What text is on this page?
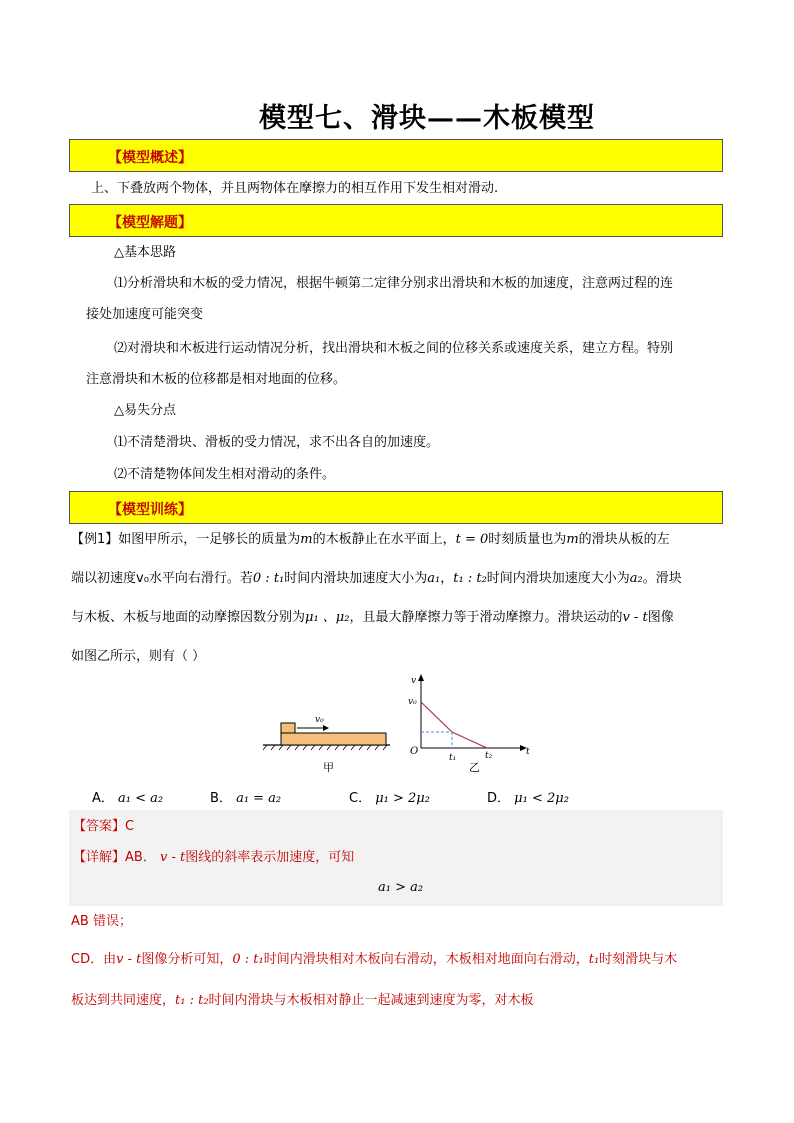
模型七、滑块——木板模型
【模型概述】
上、下叠放两个物体，并且两物体在摩擦力的相互作用下发生相对滑动.
【模型解题】
△基本思路
⑴分析滑块和木板的受力情况，根据牛顿第二定律分别求出滑块和木板的加速度，注意两过程的连
接处加速度可能突变
⑵对滑块和木板进行运动情况分析，找出滑块和木板之间的位移关系或速度关系，建立方程。特别
注意滑块和木板的位移都是相对地面的位移。
△易失分点
⑴不清楚滑块、滑板的受力情况，求不出各自的加速度。
⑵不清楚物体间发生相对滑动的条件。
【模型训练】
【例1】如图甲所示，一足够长的质量为m的木板静止在水平面上，t = 0时刻质量也为m的滑块从板的左
端以初速度v₀水平向右滑行。若0 : t₁时间内滑块加速度大小为a₁，t₁ : t₂时间内滑块加速度大小为a₂。滑块
与木板、木板与地面的动摩擦因数分别为μ₁ 、μ₂，且最大静摩擦力等于滑动摩擦力。滑块运动的v - t图像
如图乙所示，则有（ ）
v₀
甲
v
t
O
v₀
t₁	t₂
乙
A． a₁ < a₂	B． a₁ = a₂	C． μ₁ > 2μ₂	D． μ₁ < 2μ₂
【答案】C
【详解】AB． v - t图线的斜率表示加速度，可知
a₁ > a₂
AB 错误；
CD．由v - t图像分析可知，0 : t₁时间内滑块相对木板向右滑动，木板相对地面向右滑动，t₁时刻滑块与木
板达到共同速度，t₁ : t₂时间内滑块与木板相对静止一起减速到速度为零，对木板
